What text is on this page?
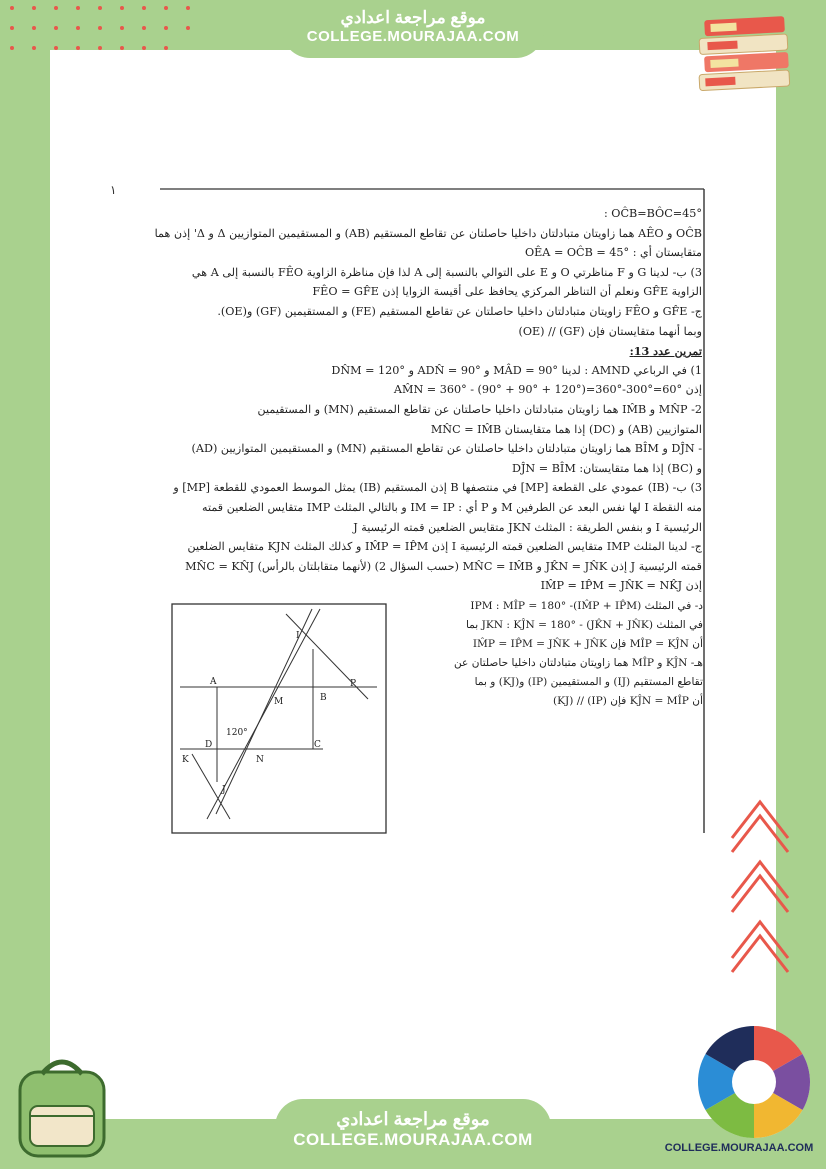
موقع مراجعة اعدادي
COLLEGE.MOURAJAA.COM
١
OĈB=BÔC=45° :
OĈB و AÊO هما زاويتان متبادلتان داخليا حاصلتان عن تقاطع المستقيم (AB) و المستقيمين المتوازيين Δ و Δ' إذن هما
متقايستان أي : OÊA = OĈB = 45°
3) ب- لدينا G و F مناظرتي O و E على التوالي بالنسبة إلى A لذا فإن مناظرة الزاوية FÊO بالنسبة إلى A هي
الزاوية GF̂E ونعلم أن التناظر المركزي يحافظ على أقيسة الزوايا إذن FÊO = GF̂E
ج- GF̂E و FÊO زاويتان متبادلتان داخليا حاصلتان عن تقاطع المستقيم (FE) و المستقيمين (GF) و(OE).
وبما أنهما متقايستان فإن (GF) // (OE)
تمرين عدد 13:
1) في الرباعي AMND : لدينا MÂD = 90° و ADN̂ = 90° و DN̂M = 120°
إذن AM̂N = 360° - (90° + 90° + 120°)=360°-300°=60°
2- MN̂P و IM̂B هما زاويتان متبادلتان داخليا حاصلتان عن تقاطع المستقيم (MN) و المستقيمين
المتوازيين (AB) و (DC) إذا هما متقايستان MN̂C = IM̂B
- DĴN و BÎM هما زاويتان متبادلتان داخليا حاصلتان عن تقاطع المستقيم (MN) و المستقيمين المتوازيين (AD)
و (BC) إذا هما متقايستان: DĴN = BÎM
3) ب- (IB) عمودي على القطعة [MP] في منتصفها B إذن المستقيم (IB) يمثل الموسط العمودي للقطعة [MP] و
منه النقطة I لها نفس البعد عن الطرفين M و P أي : IM = IP و بالتالي المثلث IMP متقايس الضلعين قمته
الرئيسية I و بنفس الطريقة : المثلث JKN متقايس الضلعين قمته الرئيسية J
ج- لدينا المثلث IMP متقايس الضلعين قمته الرئيسية I إذن IM̂P = IP̂M و كذلك المثلث KJN متقايس الضلعين
قمته الرئيسية J إذن JK̂N = JN̂K و MN̂C = IM̂B (حسب السؤال 2) (لأنهما متقابلتان بالرأس) MN̂C = KN̂J
إذن IM̂P = IP̂M = JN̂K = NK̂J
I
A
B
P
M
D	C
K	N
J
120°
COLLEGE.MOURAJAA.COM
موقع مراجعة اعدادي
COLLEGE.MOURAJAA.COM
د- في المثلث IPM : MÎP = 180° -(IM̂P + IP̂M)
في المثلث JKN : KĴN = 180° - (JK̂N + JN̂K) بما
أن MÎP = KĴN فإن IM̂P = IP̂M = JN̂K + JN̂K
هـ- KĴN و MÎP هما زاويتان متبادلتان داخليا حاصلتان عن
تقاطع المستقيم (IJ) و المستقيمين (IP) و(KJ) و بما
أن KĴN = MÎP فإن (IP) // (KJ)
